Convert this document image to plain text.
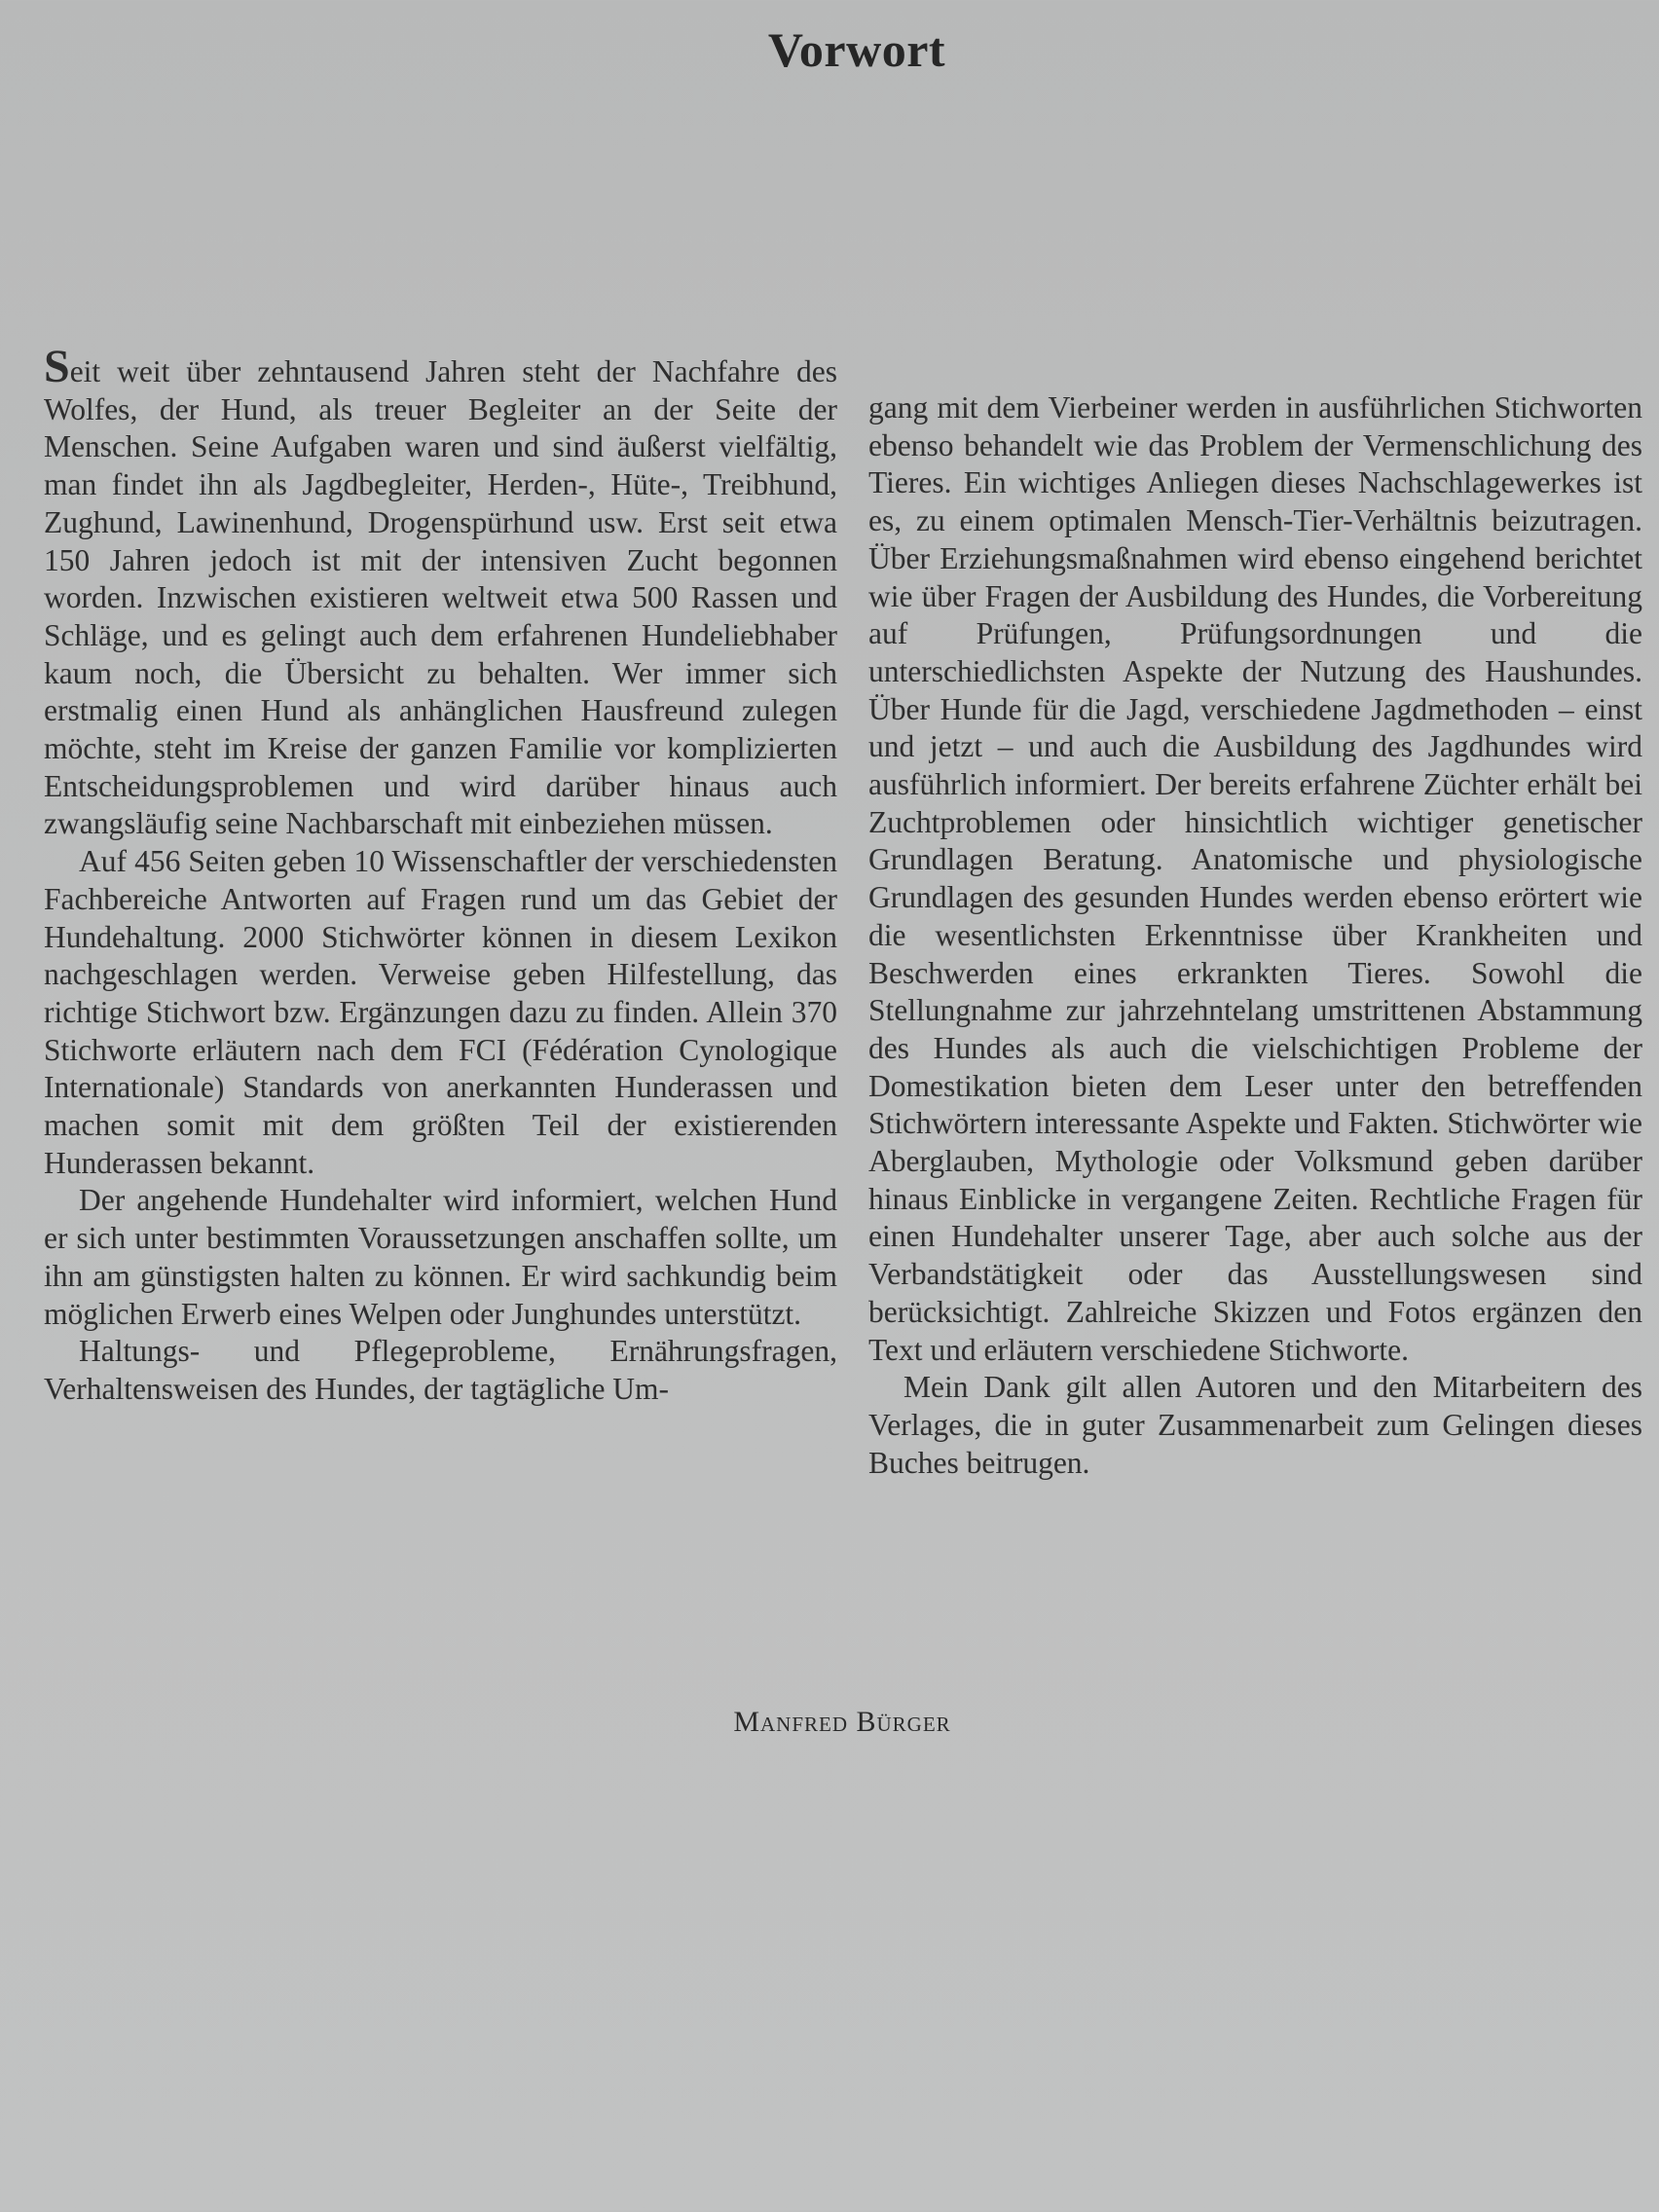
Vorwort

Seit weit über zehntausend Jahren steht der Nachfahre des Wolfes, der Hund, als treuer Begleiter an der Seite der Menschen. Seine Aufgaben waren und sind äußerst vielfältig, man findet ihn als Jagdbegleiter, Herden-, Hüte-, Treibhund, Zughund, Lawinenhund, Drogenspürhund usw. Erst seit etwa 150 Jahren jedoch ist mit der intensiven Zucht begonnen worden. Inzwischen existieren weltweit etwa 500 Rassen und Schläge, und es gelingt auch dem erfahrenen Hundeliebhaber kaum noch, die Übersicht zu behalten. Wer immer sich erstmalig einen Hund als anhänglichen Hausfreund zulegen möchte, steht im Kreise der ganzen Familie vor komplizierten Entscheidungsproblemen und wird darüber hinaus auch zwangsläufig seine Nachbarschaft mit einbeziehen müssen.

Auf 456 Seiten geben 10 Wissenschaftler der verschiedensten Fachbereiche Antworten auf Fragen rund um das Gebiet der Hundehaltung. 2000 Stichwörter können in diesem Lexikon nachgeschlagen werden. Verweise geben Hilfestellung, das richtige Stichwort bzw. Ergänzungen dazu zu finden. Allein 370 Stichworte erläutern nach dem FCI (Fédération Cynologique Internationale) Standards von anerkannten Hunderassen und machen somit mit dem größten Teil der existierenden Hunderassen bekannt.

Der angehende Hundehalter wird informiert, welchen Hund er sich unter bestimmten Voraussetzungen anschaffen sollte, um ihn am günstigsten halten zu können. Er wird sachkundig beim möglichen Erwerb eines Welpen oder Junghundes unterstützt.

Haltungs- und Pflegeprobleme, Ernährungsfragen, Verhaltensweisen des Hundes, der tagtägliche Um-

gang mit dem Vierbeiner werden in ausführlichen Stichworten ebenso behandelt wie das Problem der Vermenschlichung des Tieres. Ein wichtiges Anliegen dieses Nachschlagewerkes ist es, zu einem optimalen Mensch-Tier-Verhältnis beizutragen. Über Erziehungsmaßnahmen wird ebenso eingehend berichtet wie über Fragen der Ausbildung des Hundes, die Vorbereitung auf Prüfungen, Prüfungsordnungen und die unterschiedlichsten Aspekte der Nutzung des Haushundes. Über Hunde für die Jagd, verschiedene Jagdmethoden – einst und jetzt – und auch die Ausbildung des Jagdhundes wird ausführlich informiert. Der bereits erfahrene Züchter erhält bei Zuchtproblemen oder hinsichtlich wichtiger genetischer Grundlagen Beratung. Anatomische und physiologische Grundlagen des gesunden Hundes werden ebenso erörtert wie die wesentlichsten Erkenntnisse über Krankheiten und Beschwerden eines erkrankten Tieres. Sowohl die Stellungnahme zur jahrzehntelang umstrittenen Abstammung des Hundes als auch die vielschichtigen Probleme der Domestikation bieten dem Leser unter den betreffenden Stichwörtern interessante Aspekte und Fakten. Stichwörter wie Aberglauben, Mythologie oder Volksmund geben darüber hinaus Einblicke in vergangene Zeiten. Rechtliche Fragen für einen Hundehalter unserer Tage, aber auch solche aus der Verbandstätigkeit oder das Ausstellungswesen sind berücksichtigt. Zahlreiche Skizzen und Fotos ergänzen den Text und erläutern verschiedene Stichworte.

Mein Dank gilt allen Autoren und den Mitarbeitern des Verlages, die in guter Zusammenarbeit zum Gelingen dieses Buches beitrugen.

Manfred Bürger
